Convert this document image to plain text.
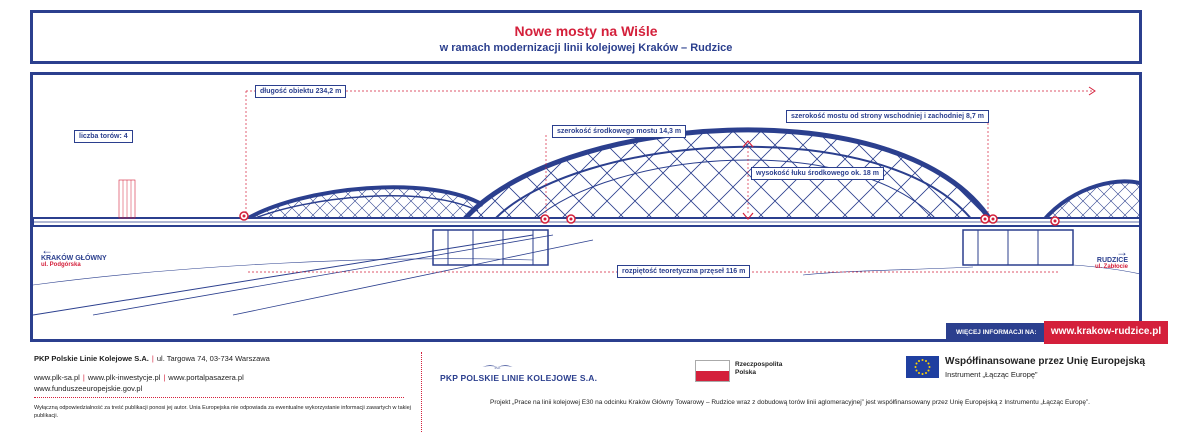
Nowe mosty na Wiśle
w ramach modernizacji linii kolejowej Kraków – Rudzice
długość obiektu 234,2 m
liczba torów: 4
szerokość środkowego mostu 14,3 m
szerokość mostu od strony wschodniej i zachodniej 8,7 m
wysokość łuku środkowego ok. 18 m
rozpiętość teoretyczna przęseł 116 m
←
KRAKÓW GŁÓWNY
ul. Podgórska
→
RUDZICE
ul. Zabłocie
WIĘCEJ INFORMACJI NA:	www.krakow-rudzice.pl
PKP Polskie Linie Kolejowe S.A. | ul. Targowa 74, 03-734 Warszawa
www.plk-sa.pl | www.plk-inwestycje.pl | www.portalpasazera.pl
www.funduszeeuropejskie.gov.pl
Wyłączną odpowiedzialność za treść publikacji ponosi jej autor. Unia Europejska nie odpowiada za ewentualne wykorzystanie informacji zawartych w takiej publikacji.
PLK
PKP POLSKIE LINIE KOLEJOWE S.A.
Rzeczpospolita Polska
Współfinansowane przez Unię Europejską
Instrument „Łącząc Europę”
Projekt „Prace na linii kolejowej E30 na odcinku Kraków Główny Towarowy – Rudzice wraz z dobudową torów linii aglomeracyjnej” jest współfinansowany przez Unię Europejską z Instrumentu „Łącząc Europę”.
